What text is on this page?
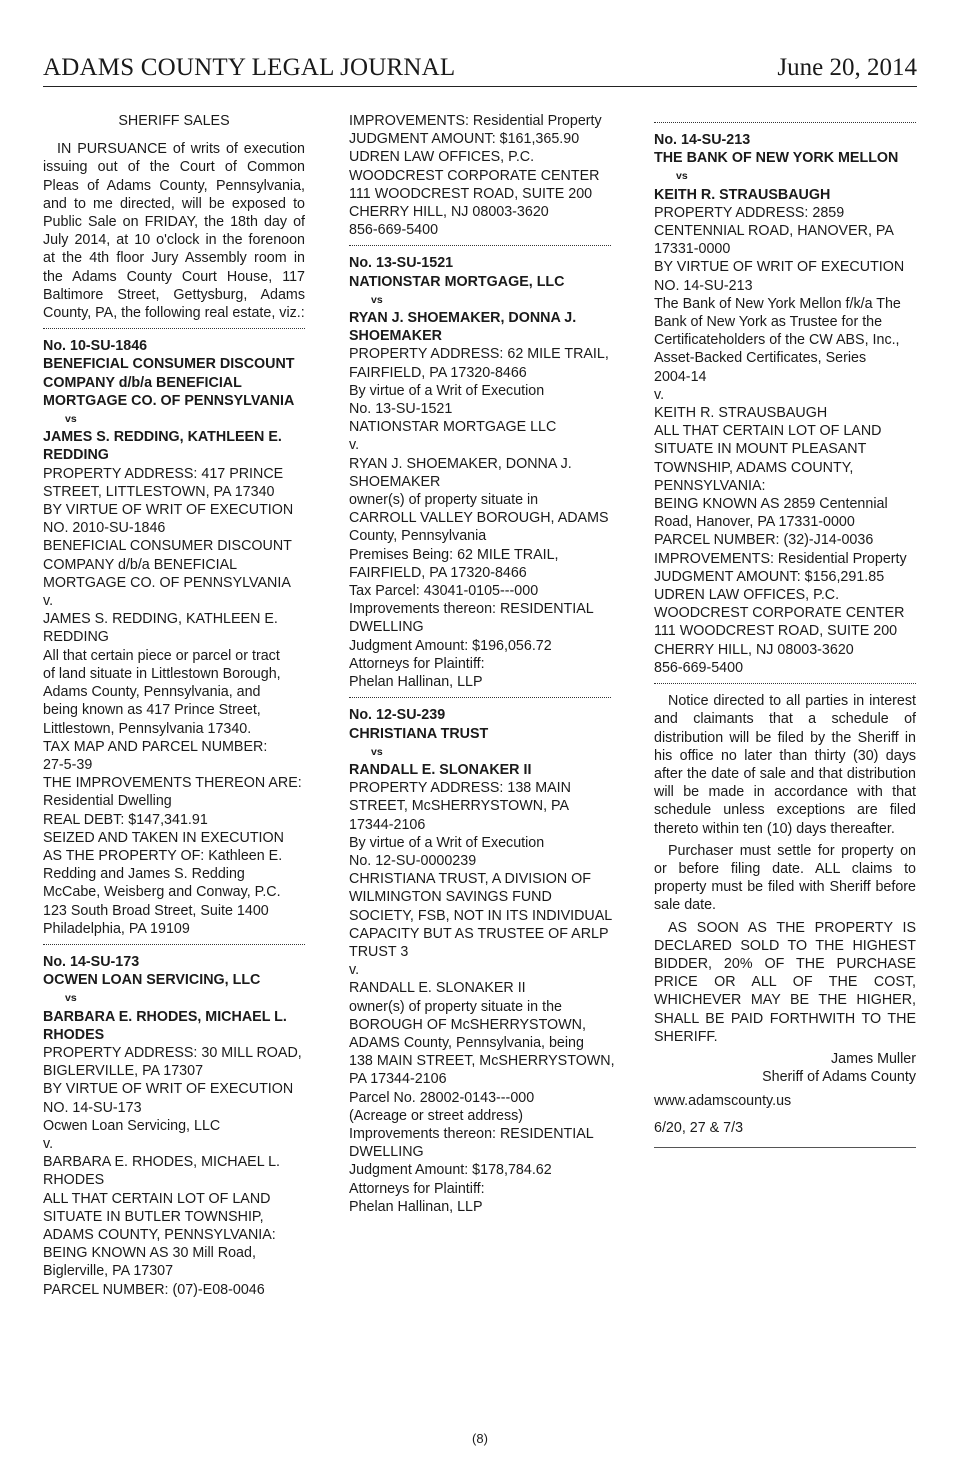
ADAMS COUNTY LEGAL JOURNAL	June 20, 2014
SHERIFF SALES
IN PURSUANCE of writs of execution issuing out of the Court of Common Pleas of Adams County, Pennsylvania, and to me directed, will be exposed to Public Sale on FRIDAY, the 18th day of July 2014, at 10 o'clock in the forenoon at the 4th floor Jury Assembly room in the Adams County Court House, 117 Baltimore Street, Gettysburg, Adams County, PA, the following real estate, viz.:
No. 10-SU-1846
BENEFICIAL CONSUMER DISCOUNT COMPANY d/b/a BENEFICIAL MORTGAGE CO. OF PENNSYLVANIA
vs
JAMES S. REDDING, KATHLEEN E. REDDING
PROPERTY ADDRESS: 417 PRINCE
STREET, LITTLESTOWN, PA 17340
BY VIRTUE OF WRIT OF EXECUTION
NO. 2010-SU-1846
BENEFICIAL CONSUMER DISCOUNT
COMPANY d/b/a BENEFICIAL
MORTGAGE CO. OF PENNSYLVANIA
v.
JAMES S. REDDING, KATHLEEN E.
REDDING
All that certain piece or parcel or tract
of land situate in Littlestown Borough,
Adams County, Pennsylvania, and
being known as 417 Prince Street,
Littlestown, Pennsylvania 17340.
TAX MAP AND PARCEL NUMBER:
27-5-39
THE IMPROVEMENTS THEREON ARE:
Residential Dwelling
REAL DEBT: $147,341.91
SEIZED AND TAKEN IN EXECUTION
AS THE PROPERTY OF: Kathleen E.
Redding and James S. Redding
McCabe, Weisberg and Conway, P.C.
123 South Broad Street, Suite 1400
Philadelphia, PA 19109
No. 14-SU-173
OCWEN LOAN SERVICING, LLC
vs
BARBARA E. RHODES, MICHAEL L. RHODES
PROPERTY ADDRESS: 30 MILL ROAD,
BIGLERVILLE, PA 17307
BY VIRTUE OF WRIT OF EXECUTION
NO. 14-SU-173
Ocwen Loan Servicing, LLC
v.
BARBARA E. RHODES, MICHAEL L.
RHODES
ALL THAT CERTAIN LOT OF LAND
SITUATE IN BUTLER TOWNSHIP,
ADAMS COUNTY, PENNSYLVANIA:
BEING KNOWN AS 30 Mill Road,
Biglerville, PA 17307
PARCEL NUMBER: (07)-E08-0046
IMPROVEMENTS: Residential Property
JUDGMENT AMOUNT: $161,365.90
UDREN LAW OFFICES, P.C.
WOODCREST CORPORATE CENTER
111 WOODCREST ROAD, SUITE 200
CHERRY HILL, NJ 08003-3620
856-669-5400
No. 13-SU-1521
NATIONSTAR MORTGAGE, LLC
vs
RYAN J. SHOEMAKER, DONNA J. SHOEMAKER
PROPERTY ADDRESS: 62 MILE TRAIL,
FAIRFIELD, PA 17320-8466
By virtue of a Writ of Execution
No. 13-SU-1521
NATIONSTAR MORTGAGE LLC
v.
RYAN J. SHOEMAKER, DONNA J.
SHOEMAKER
owner(s) of property situate in
CARROLL VALLEY BOROUGH, ADAMS
County, Pennsylvania
Premises Being: 62 MILE TRAIL,
FAIRFIELD, PA 17320-8466
Tax Parcel: 43041-0105---000
Improvements thereon: RESIDENTIAL
DWELLING
Judgment Amount: $196,056.72
Attorneys for Plaintiff:
Phelan Hallinan, LLP
No. 12-SU-239
CHRISTIANA TRUST
vs
RANDALL E. SLONAKER II
PROPERTY ADDRESS: 138 MAIN
STREET, McSHERRYSTOWN, PA
17344-2106
By virtue of a Writ of Execution
No. 12-SU-0000239
CHRISTIANA TRUST, A DIVISION OF
WILMINGTON SAVINGS FUND
SOCIETY, FSB, NOT IN ITS INDIVIDUAL
CAPACITY BUT AS TRUSTEE OF ARLP
TRUST 3
v.
RANDALL E. SLONAKER II
owner(s) of property situate in the
BOROUGH OF McSHERRYSTOWN,
ADAMS County, Pennsylvania, being
138 MAIN STREET, McSHERRYSTOWN,
PA 17344-2106
Parcel No. 28002-0143---000
(Acreage or street address)
Improvements thereon: RESIDENTIAL
DWELLING
Judgment Amount: $178,784.62
Attorneys for Plaintiff:
Phelan Hallinan, LLP
No. 14-SU-213
THE BANK OF NEW YORK MELLON
vs
KEITH R. STRAUSBAUGH
PROPERTY ADDRESS: 2859
CENTENNIAL ROAD, HANOVER, PA
17331-0000
BY VIRTUE OF WRIT OF EXECUTION
NO. 14-SU-213
The Bank of New York Mellon f/k/a The
Bank of New York as Trustee for the
Certificateholders of the CW ABS, Inc.,
Asset-Backed Certificates, Series
2004-14
v.
KEITH R. STRAUSBAUGH
ALL THAT CERTAIN LOT OF LAND
SITUATE IN MOUNT PLEASANT
TOWNSHIP, ADAMS COUNTY,
PENNSYLVANIA:
BEING KNOWN AS 2859 Centennial
Road, Hanover, PA 17331-0000
PARCEL NUMBER: (32)-J14-0036
IMPROVEMENTS: Residential Property
JUDGMENT AMOUNT: $156,291.85
UDREN LAW OFFICES, P.C.
WOODCREST CORPORATE CENTER
111 WOODCREST ROAD, SUITE 200
CHERRY HILL, NJ 08003-3620
856-669-5400
Notice directed to all parties in interest and claimants that a schedule of distribution will be filed by the Sheriff in his office no later than thirty (30) days after the date of sale and that distribution will be made in accordance with that schedule unless exceptions are filed thereto within ten (10) days thereafter.
Purchaser must settle for property on or before filing date. ALL claims to property must be filed with Sheriff before sale date.
AS SOON AS THE PROPERTY IS DECLARED SOLD TO THE HIGHEST BIDDER, 20% OF THE PURCHASE PRICE OR ALL OF THE COST, WHICHEVER MAY BE THE HIGHER, SHALL BE PAID FORTHWITH TO THE SHERIFF.
James Muller
Sheriff of Adams County
www.adamscounty.us
6/20, 27 & 7/3
(8)
